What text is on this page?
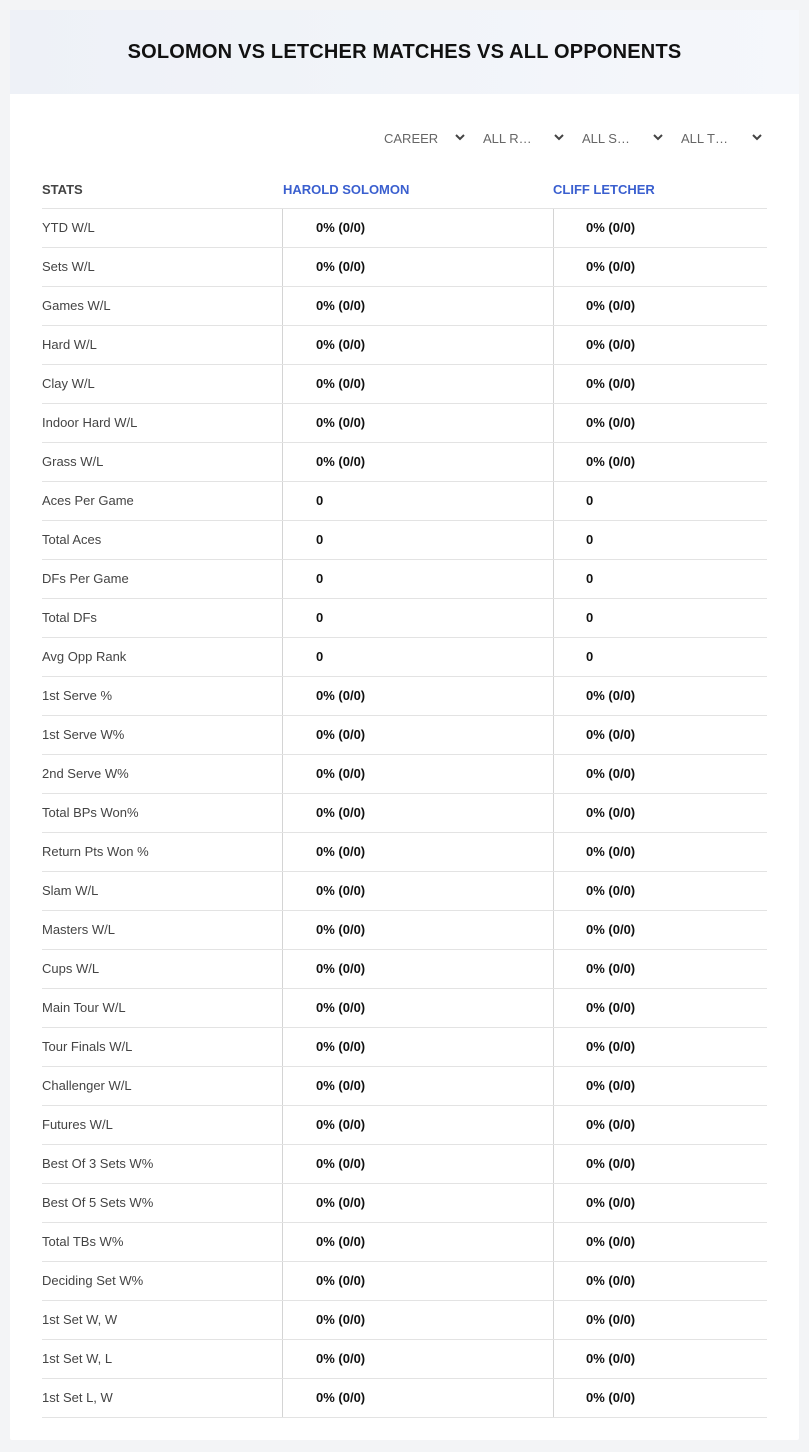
SOLOMON VS LETCHER MATCHES VS ALL OPPONENTS
CAREER	ALL R…	ALL S…	ALL T…
STATS	HAROLD SOLOMON	CLIFF LETCHER
YTD W/L	0% (0/0)	0% (0/0)
Sets W/L	0% (0/0)	0% (0/0)
Games W/L	0% (0/0)	0% (0/0)
Hard W/L	0% (0/0)	0% (0/0)
Clay W/L	0% (0/0)	0% (0/0)
Indoor Hard W/L	0% (0/0)	0% (0/0)
Grass W/L	0% (0/0)	0% (0/0)
Aces Per Game	0	0
Total Aces	0	0
DFs Per Game	0	0
Total DFs	0	0
Avg Opp Rank	0	0
1st Serve %	0% (0/0)	0% (0/0)
1st Serve W%	0% (0/0)	0% (0/0)
2nd Serve W%	0% (0/0)	0% (0/0)
Total BPs Won%	0% (0/0)	0% (0/0)
Return Pts Won %	0% (0/0)	0% (0/0)
Slam W/L	0% (0/0)	0% (0/0)
Masters W/L	0% (0/0)	0% (0/0)
Cups W/L	0% (0/0)	0% (0/0)
Main Tour W/L	0% (0/0)	0% (0/0)
Tour Finals W/L	0% (0/0)	0% (0/0)
Challenger W/L	0% (0/0)	0% (0/0)
Futures W/L	0% (0/0)	0% (0/0)
Best Of 3 Sets W%	0% (0/0)	0% (0/0)
Best Of 5 Sets W%	0% (0/0)	0% (0/0)
Total TBs W%	0% (0/0)	0% (0/0)
Deciding Set W%	0% (0/0)	0% (0/0)
1st Set W, W	0% (0/0)	0% (0/0)
1st Set W, L	0% (0/0)	0% (0/0)
1st Set L, W	0% (0/0)	0% (0/0)
